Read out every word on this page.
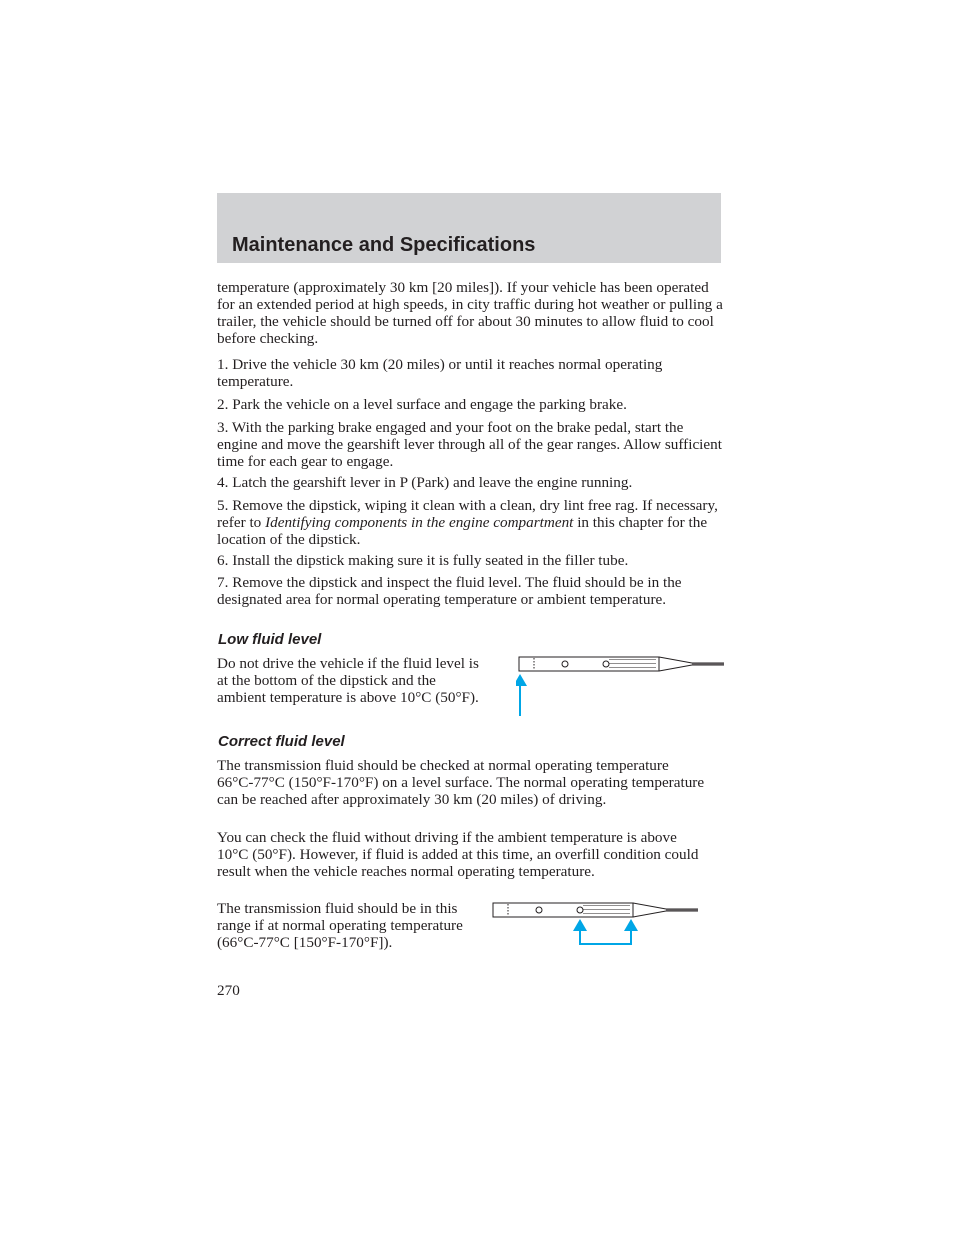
Maintenance and Specifications
temperature (approximately 30 km [20 miles]). If your vehicle has been operated for an extended period at high speeds, in city traffic during hot weather or pulling a trailer, the vehicle should be turned off for about 30 minutes to allow fluid to cool before checking.
1. Drive the vehicle 30 km (20 miles) or until it reaches normal operating temperature.
2. Park the vehicle on a level surface and engage the parking brake.
3. With the parking brake engaged and your foot on the brake pedal, start the engine and move the gearshift lever through all of the gear ranges. Allow sufficient time for each gear to engage.
4. Latch the gearshift lever in P (Park) and leave the engine running.
5. Remove the dipstick, wiping it clean with a clean, dry lint free rag. If necessary, refer to Identifying components in the engine compartment in this chapter for the location of the dipstick.
6. Install the dipstick making sure it is fully seated in the filler tube.
7. Remove the dipstick and inspect the fluid level. The fluid should be in the designated area for normal operating temperature or ambient temperature.
Low fluid level
Do not drive the vehicle if the fluid level is at the bottom of the dipstick and the ambient temperature is above 10°C (50°F).
Correct fluid level
The transmission fluid should be checked at normal operating temperature 66°C-77°C (150°F-170°F) on a level surface. The normal operating temperature can be reached after approximately 30 km (20 miles) of driving.
You can check the fluid without driving if the ambient temperature is above 10°C (50°F). However, if fluid is added at this time, an overfill condition could result when the vehicle reaches normal operating temperature.
The transmission fluid should be in this range if at normal operating temperature (66°C-77°C [150°F-170°F]).
270
